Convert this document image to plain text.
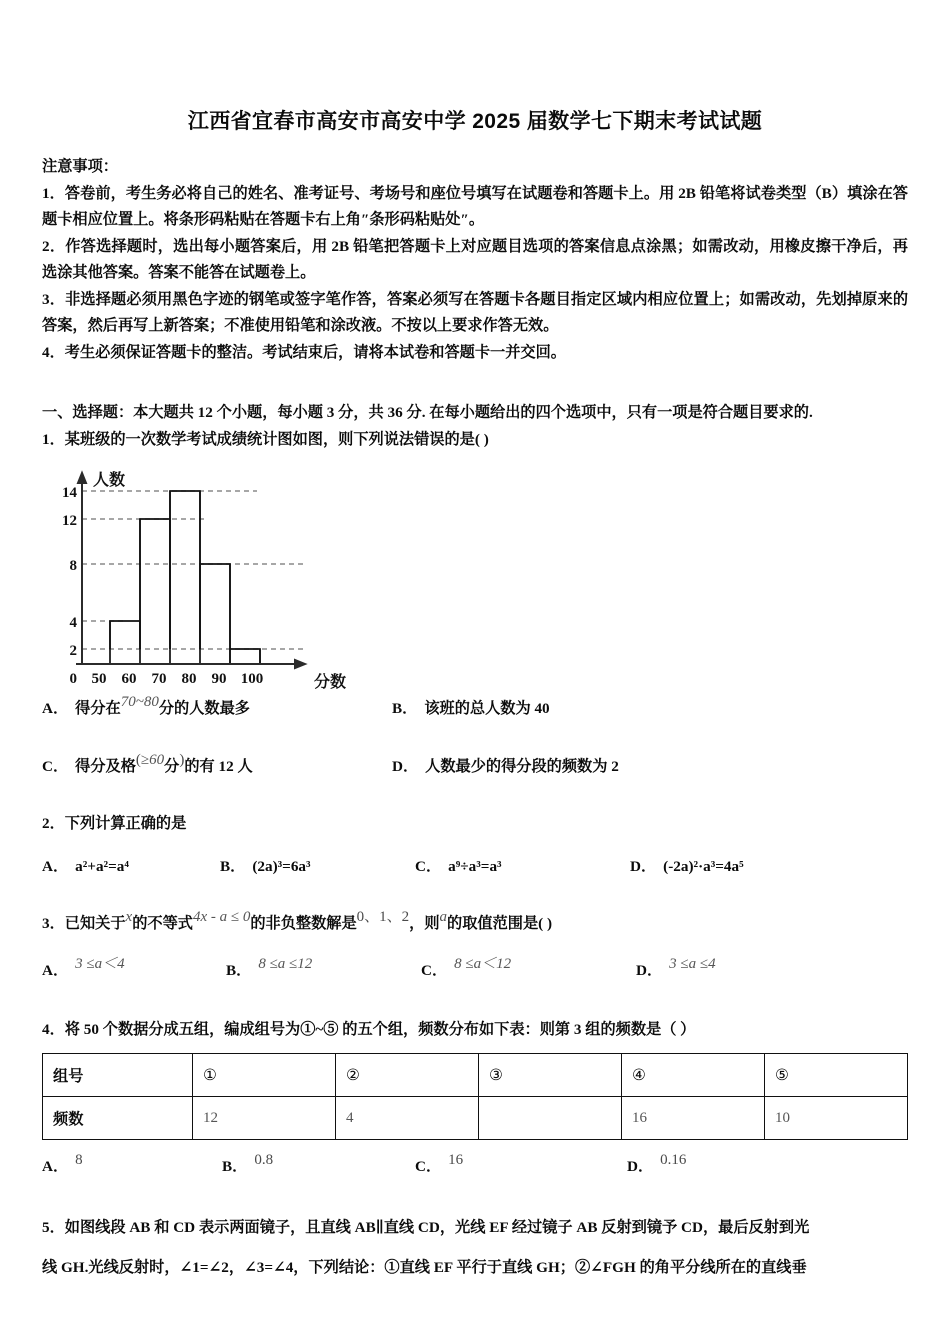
江西省宜春市高安市高安中学 2025 届数学七下期末考试试题
注意事项：
1．答卷前，考生务必将自己的姓名、准考证号、考场号和座位号填写在试题卷和答题卡上。用 2B 铅笔将试卷类型（B）填涂在答题卡相应位置上。将条形码粘贴在答题卡右上角″条形码粘贴处″。
2．作答选择题时，选出每小题答案后，用 2B 铅笔把答题卡上对应题目选项的答案信息点涂黑；如需改动，用橡皮擦干净后，再选涂其他答案。答案不能答在试题卷上。
3．非选择题必须用黑色字迹的钢笔或签字笔作答，答案必须写在答题卡各题目指定区域内相应位置上；如需改动，先划掉原来的答案，然后再写上新答案；不准使用铅笔和涂改液。不按以上要求作答无效。
4．考生必须保证答题卡的整洁。考试结束后，请将本试卷和答题卡一并交回。
一、选择题：本大题共 12 个小题，每小题 3 分，共 36 分. 在每小题给出的四个选项中，只有一项是符合题目要求的.
1．某班级的一次数学考试成绩统计图如图，则下列说法错误的是( )
14
12
8
4
2
0 50 60 70 80 90 100
人数
分数
A． 得分在 70~80 分的人数最多	B． 该班的总人数为 40
C． 得分及格 ( ≥60 分 ) 的有 12 人	D． 人数最少的得分段的频数为 2
2．下列计算正确的是
A． a²+a²=a⁴	B． (2a)³=6a³	C． a⁹÷a³=a³	D． (-2a)²·a³=4a⁵
3．已知关于x的不等式4x - a ≤ 0的非负整数解是0、1、2，则a的取值范围是( )
A． 3 ≤a＜4	B． 8 ≤a ≤12	C． 8 ≤a＜12	D． 3 ≤a ≤4
4．将 50 个数据分成五组，编成组号为①~⑤ 的五个组，频数分布如下表：则第 3 组的频数是（ ）
组号	①	②	③	④	⑤
频数	12	4		16	10
A． 8	B． 0.8	C． 16	D． 0.16

5．如图线段 AB 和 CD 表示两面镜子，且直线 AB∥直线 CD，光线 EF 经过镜子 AB 反射到镜予 CD，最后反射到光

线 GH.光线反射时，∠1=∠2，∠3=∠4，下列结论：①直线 EF 平行于直线 GH；②∠FGH 的角平分线所在的直线垂
